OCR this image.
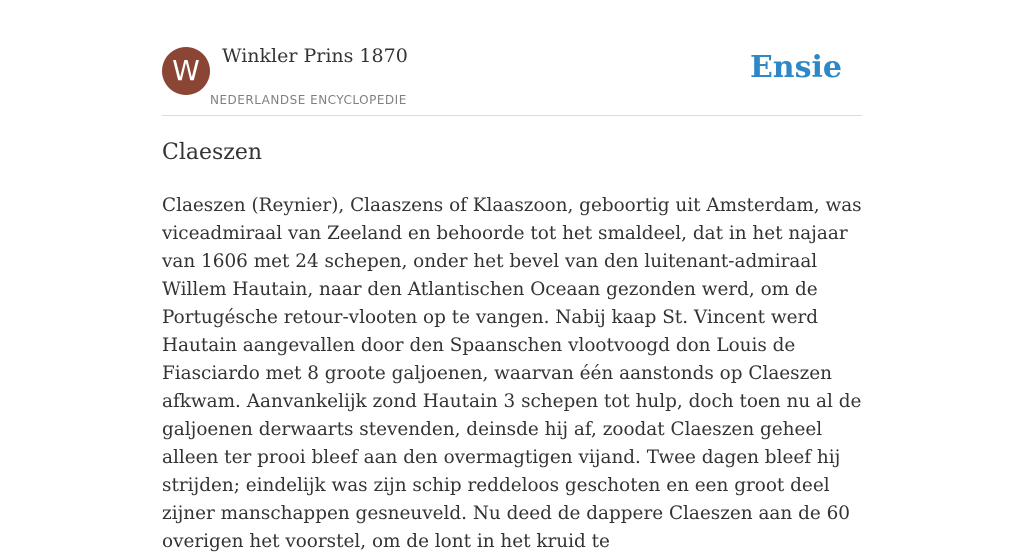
W	Winkler Prins 1870
NEDERLANDSE ENCYCLOPEDIE
Ensie
Claeszen

Claeszen (Reynier), Claaszens of Klaaszoon, geboortig uit Amsterdam, was viceadmiraal van Zeeland en behoorde tot het smaldeel, dat in het najaar van 1606 met 24 schepen, onder het bevel van den luitenant-admiraal Willem Hautain, naar den Atlantischen Oceaan gezonden werd, om de Portugésche retour-vlooten op te vangen. Nabij kaap St. Vincent werd Hautain aangevallen door den Spaanschen vlootvoogd don Louis de Fiasciardo met 8 groote galjoenen, waarvan één aanstonds op Claeszen afkwam. Aanvankelijk zond Hautain 3 schepen tot hulp, doch toen nu al de galjoenen derwaarts stevenden, deinsde hij af, zoodat Claeszen geheel alleen ter prooi bleef aan den overmagtigen vijand. Twee dagen bleef hij strijden; eindelijk was zijn schip reddeloos geschoten en een groot deel zijner manschappen gesneuveld. Nu deed de dappere Claeszen aan de 60 overigen het voorstel, om de lont in het kruid te
